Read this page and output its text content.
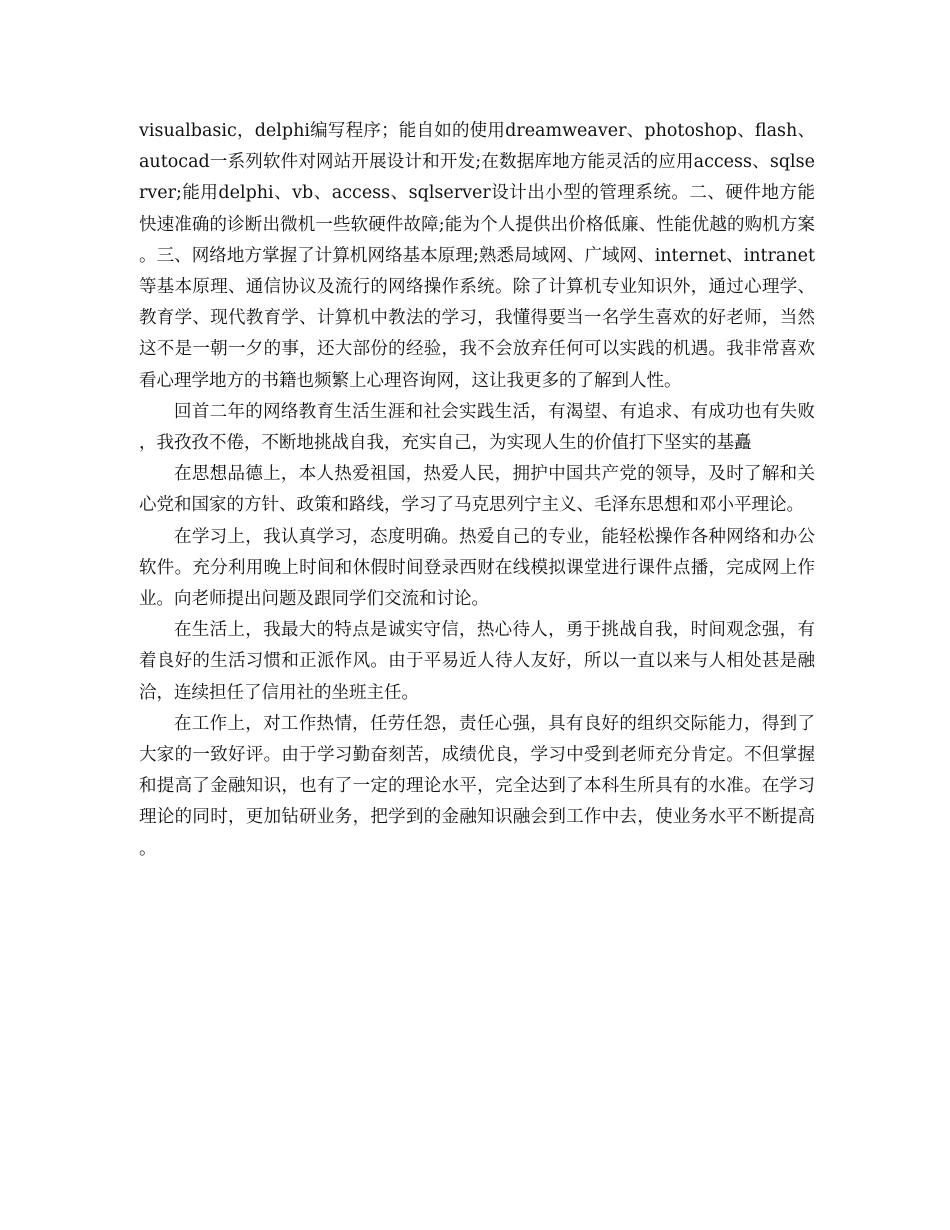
visualbasic，delphi编写程序；能自如的使用dreamweaver、photoshop、flash、autocad一系列软件对网站开展设计和开发;在数据库地方能灵活的应用access、sqlserver;能用delphi、vb、access、sqlserver设计出小型的管理系统。二、硬件地方能快速准确的诊断出微机一些软硬件故障;能为个人提供出价格低廉、性能优越的购机方案。三、网络地方掌握了计算机网络基本原理;熟悉局域网、广域网、internet、intranet等基本原理、通信协议及流行的网络操作系统。除了计算机专业知识外，通过心理学、教育学、现代教育学、计算机中教法的学习，我懂得要当一名学生喜欢的好老师，当然这不是一朝一夕的事，还大部份的经验，我不会放弃任何可以实践的机遇。我非常喜欢看心理学地方的书籍也频繁上心理咨询网，这让我更多的了解到人性。

回首二年的网络教育生活生涯和社会实践生活，有渴望、有追求、有成功也有失败，我孜孜不倦，不断地挑战自我，充实自己，为实现人生的价值打下坚实的基矗

在思想品德上，本人热爱祖国，热爱人民，拥护中国共产党的领导，及时了解和关心党和国家的方针、政策和路线，学习了马克思列宁主义、毛泽东思想和邓小平理论。

在学习上，我认真学习，态度明确。热爱自己的专业，能轻松操作各种网络和办公软件。充分利用晚上时间和休假时间登录西财在线模拟课堂进行课件点播，完成网上作业。向老师提出问题及跟同学们交流和讨论。

在生活上，我最大的特点是诚实守信，热心待人，勇于挑战自我，时间观念强，有着良好的生活习惯和正派作风。由于平易近人待人友好，所以一直以来与人相处甚是融洽，连续担任了信用社的坐班主任。

在工作上，对工作热情，任劳任怨，责任心强，具有良好的组织交际能力，得到了大家的一致好评。由于学习勤奋刻苦，成绩优良，学习中受到老师充分肯定。不但掌握和提高了金融知识，也有了一定的理论水平，完全达到了本科生所具有的水准。在学习理论的同时，更加钻研业务，把学到的金融知识融会到工作中去，使业务水平不断提高。
